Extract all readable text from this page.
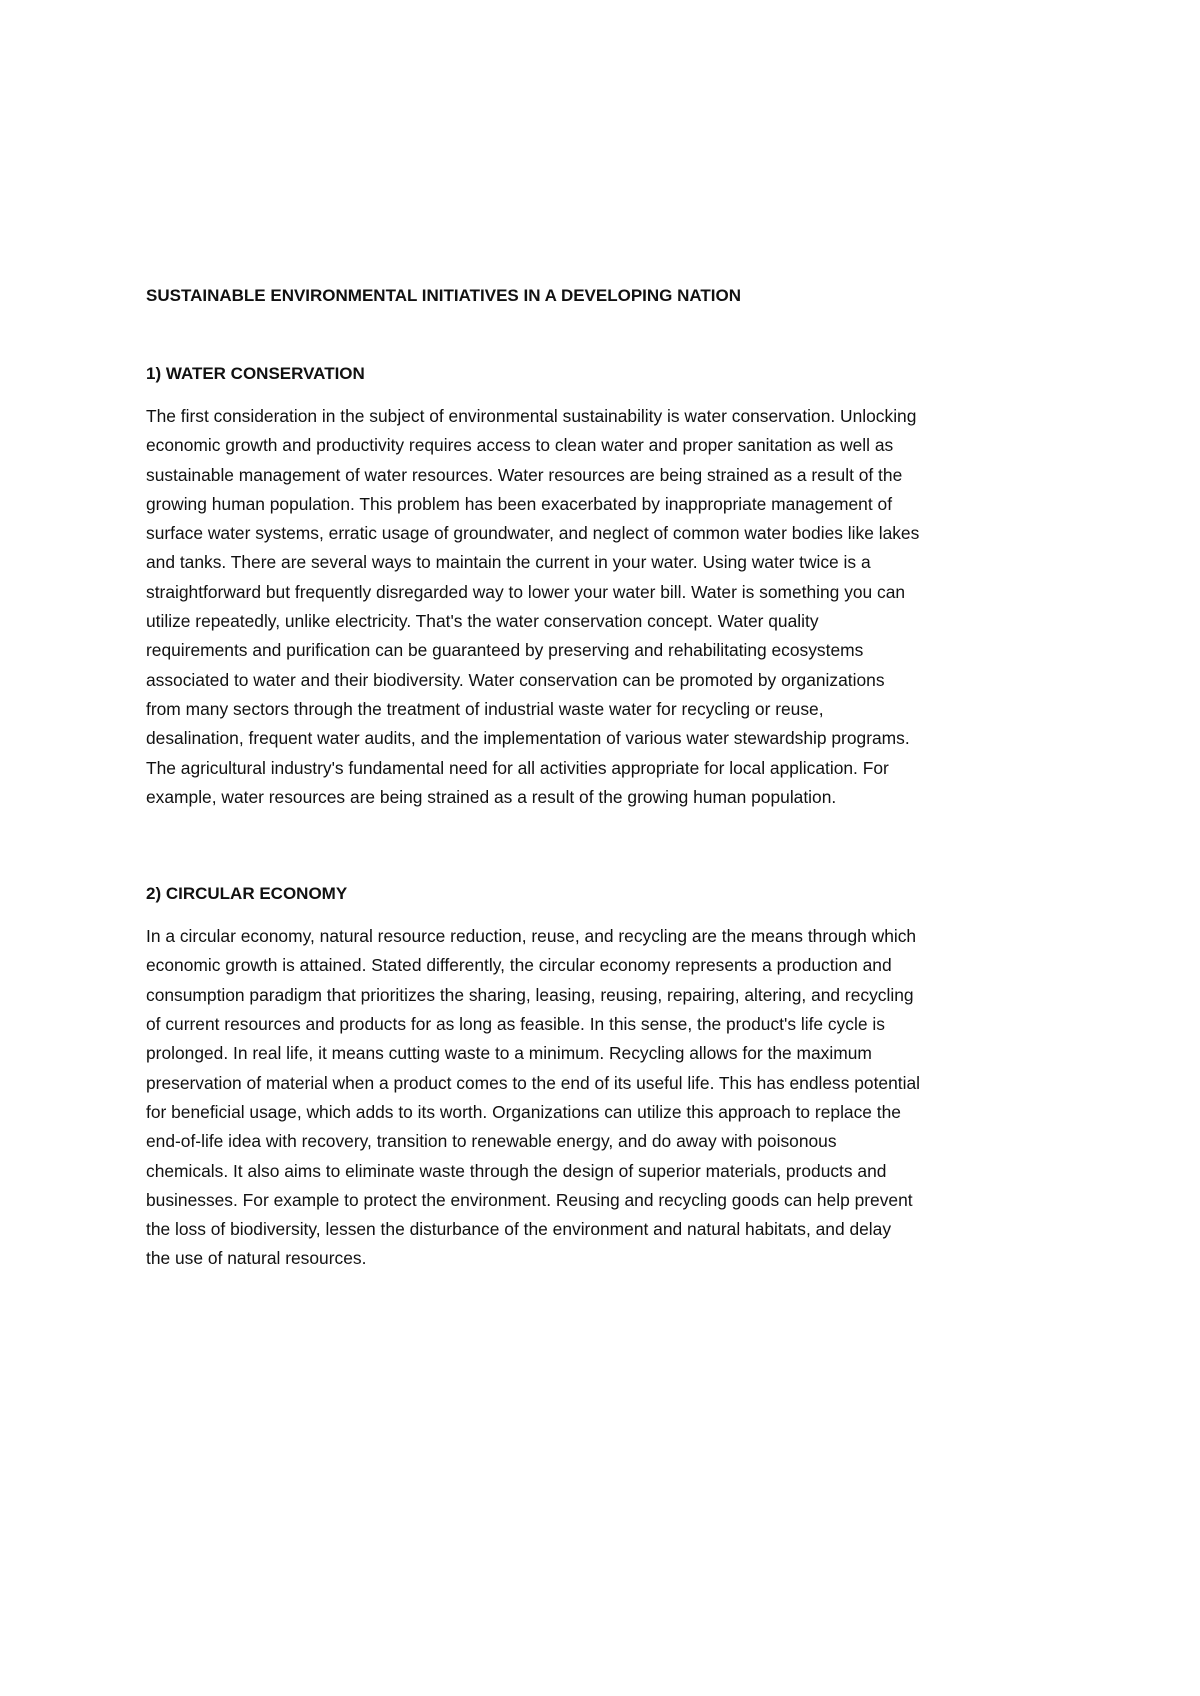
SUSTAINABLE ENVIRONMENTAL INITIATIVES IN A DEVELOPING NATION
1) WATER CONSERVATION

The first consideration in the subject of environmental sustainability is water conservation. Unlocking
economic growth and productivity requires access to clean water and proper sanitation as well as
sustainable management of water resources. Water resources are being strained as a result of the
growing human population. This problem has been exacerbated by inappropriate management of
surface water systems, erratic usage of groundwater, and neglect of common water bodies like lakes
and tanks. There are several ways to maintain the current in your water. Using water twice is a
straightforward but frequently disregarded way to lower your water bill. Water is something you can
utilize repeatedly, unlike electricity. That's the water conservation concept. Water quality
requirements and purification can be guaranteed by preserving and rehabilitating ecosystems
associated to water and their biodiversity. Water conservation can be promoted by organizations
from many sectors through the treatment of industrial waste water for recycling or reuse,
desalination, frequent water audits, and the implementation of various water stewardship programs.
The agricultural industry's fundamental need for all activities appropriate for local application. For
example, water resources are being strained as a result of the growing human population.

2) CIRCULAR ECONOMY

In a circular economy, natural resource reduction, reuse, and recycling are the means through which
economic growth is attained. Stated differently, the circular economy represents a production and
consumption paradigm that prioritizes the sharing, leasing, reusing, repairing, altering, and recycling
of current resources and products for as long as feasible. In this sense, the product's life cycle is
prolonged. In real life, it means cutting waste to a minimum. Recycling allows for the maximum
preservation of material when a product comes to the end of its useful life. This has endless potential
for beneficial usage, which adds to its worth. Organizations can utilize this approach to replace the
end-of-life idea with recovery, transition to renewable energy, and do away with poisonous
chemicals. It also aims to eliminate waste through the design of superior materials, products and
businesses. For example to protect the environment. Reusing and recycling goods can help prevent
the loss of biodiversity, lessen the disturbance of the environment and natural habitats, and delay
the use of natural resources.
